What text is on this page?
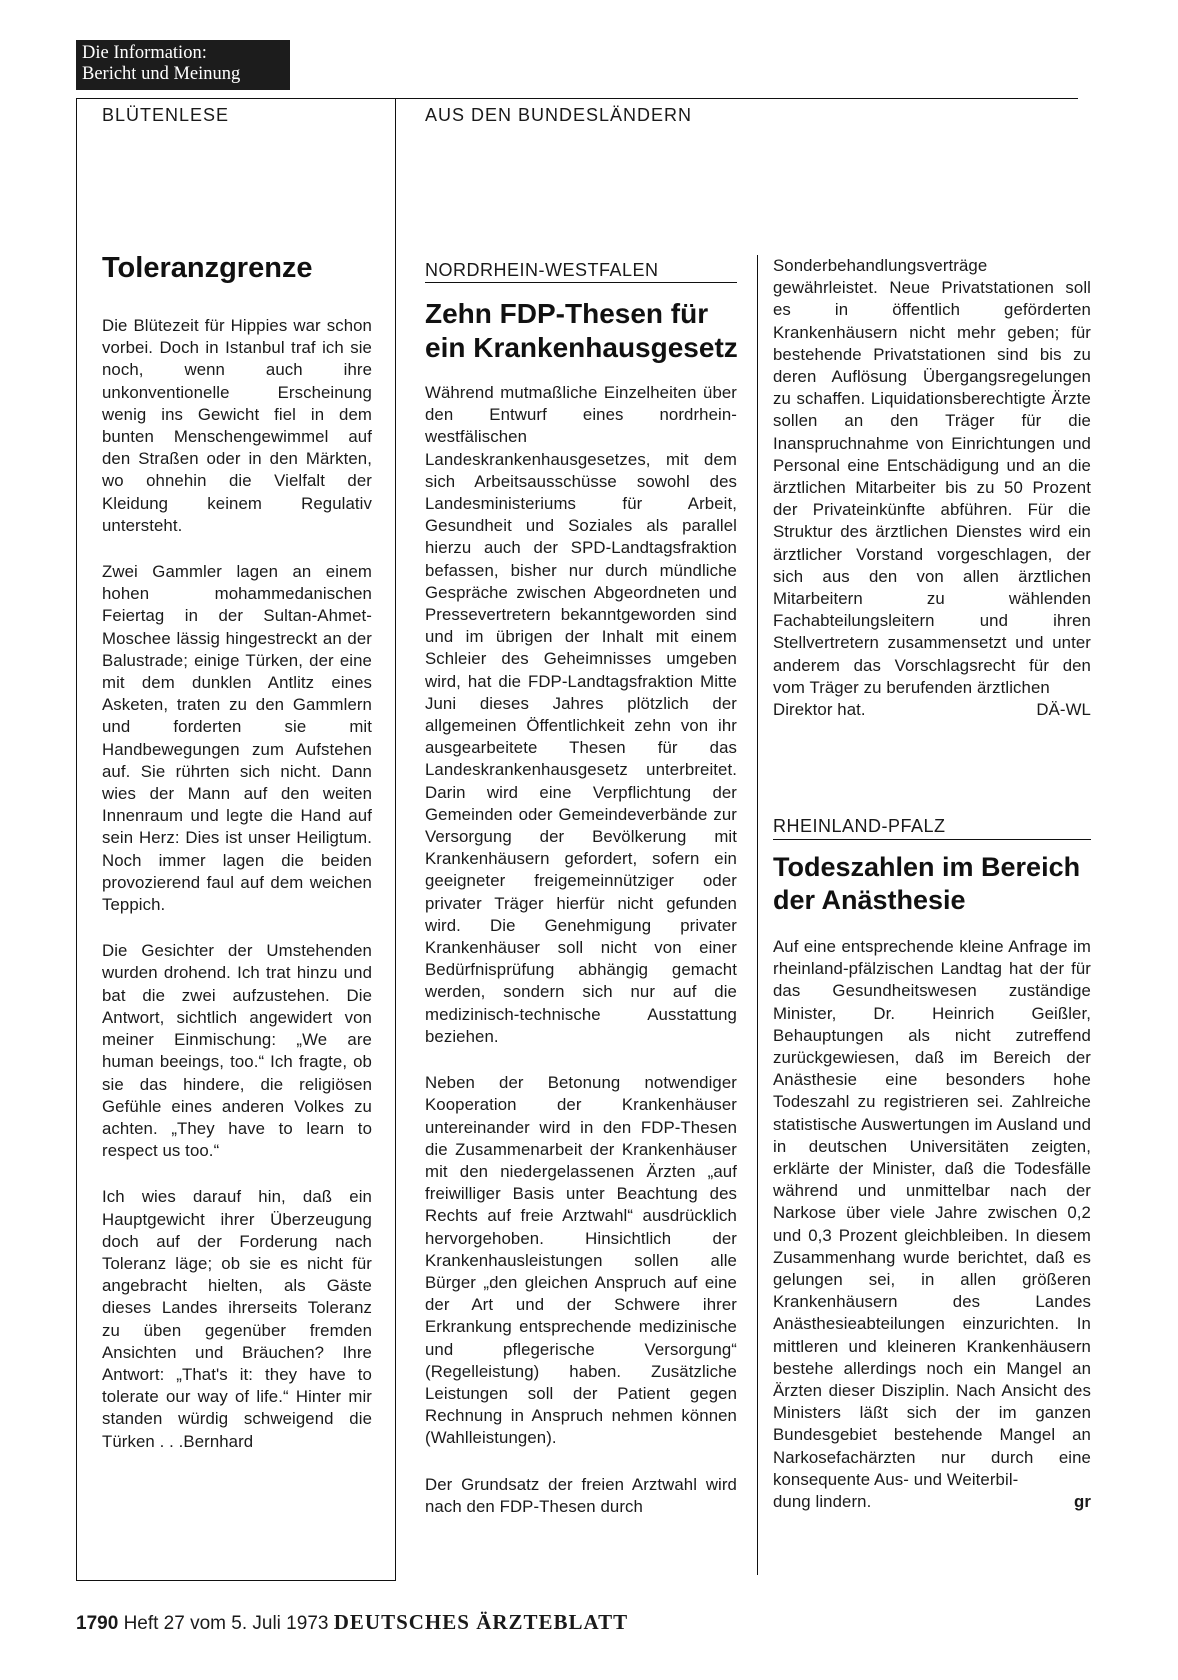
Die Information:
Bericht und Meinung
BLÜTENLESE
Toleranzgrenze

Die Blütezeit für Hippies war schon vorbei. Doch in Istanbul traf ich sie noch, wenn auch ihre unkonventionelle Erscheinung wenig ins Gewicht fiel in dem bunten Menschengewimmel auf den Straßen oder in den Märkten, wo ohnehin die Vielfalt der Kleidung keinem Regulativ untersteht.

Zwei Gammler lagen an einem hohen mohammedanischen Feiertag in der Sultan-Ahmet-Moschee lässig hingestreckt an der Balustrade; einige Türken, der eine mit dem dunklen Antlitz eines Asketen, traten zu den Gammlern und forderten sie mit Handbewegungen zum Aufstehen auf. Sie rührten sich nicht. Dann wies der Mann auf den weiten Innenraum und legte die Hand auf sein Herz: Dies ist unser Heiligtum. Noch immer lagen die beiden provozierend faul auf dem weichen Teppich.

Die Gesichter der Umstehenden wurden drohend. Ich trat hinzu und bat die zwei aufzustehen. Die Antwort, sichtlich angewidert von meiner Einmischung: „We are human beeings, too.“ Ich fragte, ob sie das hindere, die religiösen Gefühle eines anderen Volkes zu achten. „They have to learn to respect us too.“

Ich wies darauf hin, daß ein Hauptgewicht ihrer Überzeugung doch auf der Forderung nach Toleranz läge; ob sie es nicht für angebracht hielten, als Gäste dieses Landes ihrerseits Toleranz zu üben gegenüber fremden Ansichten und Bräuchen? Ihre Antwort: „That's it: they have to tolerate our way of life.“ Hinter mir standen würdig schweigend die Türken . . .Bernhard

AUS DEN BUNDESLÄNDERN
NORDRHEIN-WESTFALEN
Zehn FDP-Thesen für
ein Krankenhausgesetz

Während mutmaßliche Einzelheiten über den Entwurf eines nordrhein-westfälischen Landeskrankenhausgesetzes, mit dem sich Arbeitsausschüsse sowohl des Landesministeriums für Arbeit, Gesundheit und Soziales als parallel hierzu auch der SPD-Landtagsfraktion befassen, bisher nur durch mündliche Gespräche zwischen Abgeordneten und Pressevertretern bekanntgeworden sind und im übrigen der Inhalt mit einem Schleier des Geheimnisses umgeben wird, hat die FDP-Landtagsfraktion Mitte Juni dieses Jahres plötzlich der allgemeinen Öffentlichkeit zehn von ihr ausgearbeitete Thesen für das Landeskrankenhausgesetz unterbreitet. Darin wird eine Verpflichtung der Gemeinden oder Gemeindeverbände zur Versorgung der Bevölkerung mit Krankenhäusern gefordert, sofern ein geeigneter freigemeinnütziger oder privater Träger hierfür nicht gefunden wird. Die Genehmigung privater Krankenhäuser soll nicht von einer Bedürfnisprüfung abhängig gemacht werden, sondern sich nur auf die medizinisch-technische Ausstattung beziehen.

Neben der Betonung notwendiger Kooperation der Krankenhäuser untereinander wird in den FDP-Thesen die Zusammenarbeit der Krankenhäuser mit den niedergelassenen Ärzten „auf freiwilliger Basis unter Beachtung des Rechts auf freie Arztwahl“ ausdrücklich hervorgehoben. Hinsichtlich der Krankenhausleistungen sollen alle Bürger „den gleichen Anspruch auf eine der Art und der Schwere ihrer Erkrankung entsprechende medizinische und pflegerische Versorgung“ (Regelleistung) haben. Zusätzliche Leistungen soll der Patient gegen Rechnung in Anspruch nehmen können (Wahlleistungen).

Der Grundsatz der freien Arztwahl wird nach den FDP-Thesen durch

Sonderbehandlungsverträge gewährleistet. Neue Privatstationen soll es in öffentlich geförderten Krankenhäusern nicht mehr geben; für bestehende Privatstationen sind bis zu deren Auflösung Übergangsregelungen zu schaffen. Liquidationsberechtigte Ärzte sollen an den Träger für die Inanspruchnahme von Einrichtungen und Personal eine Entschädigung und an die ärztlichen Mitarbeiter bis zu 50 Prozent der Privateinkünfte abführen. Für die Struktur des ärztlichen Dienstes wird ein ärztlicher Vorstand vorgeschlagen, der sich aus den von allen ärztlichen Mitarbeitern zu wählenden Fachabteilungsleitern und ihren Stellvertretern zusammensetzt und unter anderem das Vorschlagsrecht für den vom Träger zu berufenden ärztlichen

Direktor hat.	DÄ-WL
RHEINLAND-PFALZ
Todeszahlen im Bereich
der Anästhesie

Auf eine entsprechende kleine Anfrage im rheinland-pfälzischen Landtag hat der für das Gesundheitswesen zuständige Minister, Dr. Heinrich Geißler, Behauptungen als nicht zutreffend zurückgewiesen, daß im Bereich der Anästhesie eine besonders hohe Todeszahl zu registrieren sei. Zahlreiche statistische Auswertungen im Ausland und in deutschen Universitäten zeigten, erklärte der Minister, daß die Todesfälle während und unmittelbar nach der Narkose über viele Jahre zwischen 0,2 und 0,3 Prozent gleichbleiben. In diesem Zusammenhang wurde berichtet, daß es gelungen sei, in allen größeren Krankenhäusern des Landes Anästhesieabteilungen einzurichten. In mittleren und kleineren Krankenhäusern bestehe allerdings noch ein Mangel an Ärzten dieser Disziplin. Nach Ansicht des Ministers läßt sich der im ganzen Bundesgebiet bestehende Mangel an Narkosefachärzten nur durch eine konsequente Aus- und Weiterbil-

dung lindern.	gr
1790 Heft 27 vom 5. Juli 1973 DEUTSCHES ÄRZTEBLATT
